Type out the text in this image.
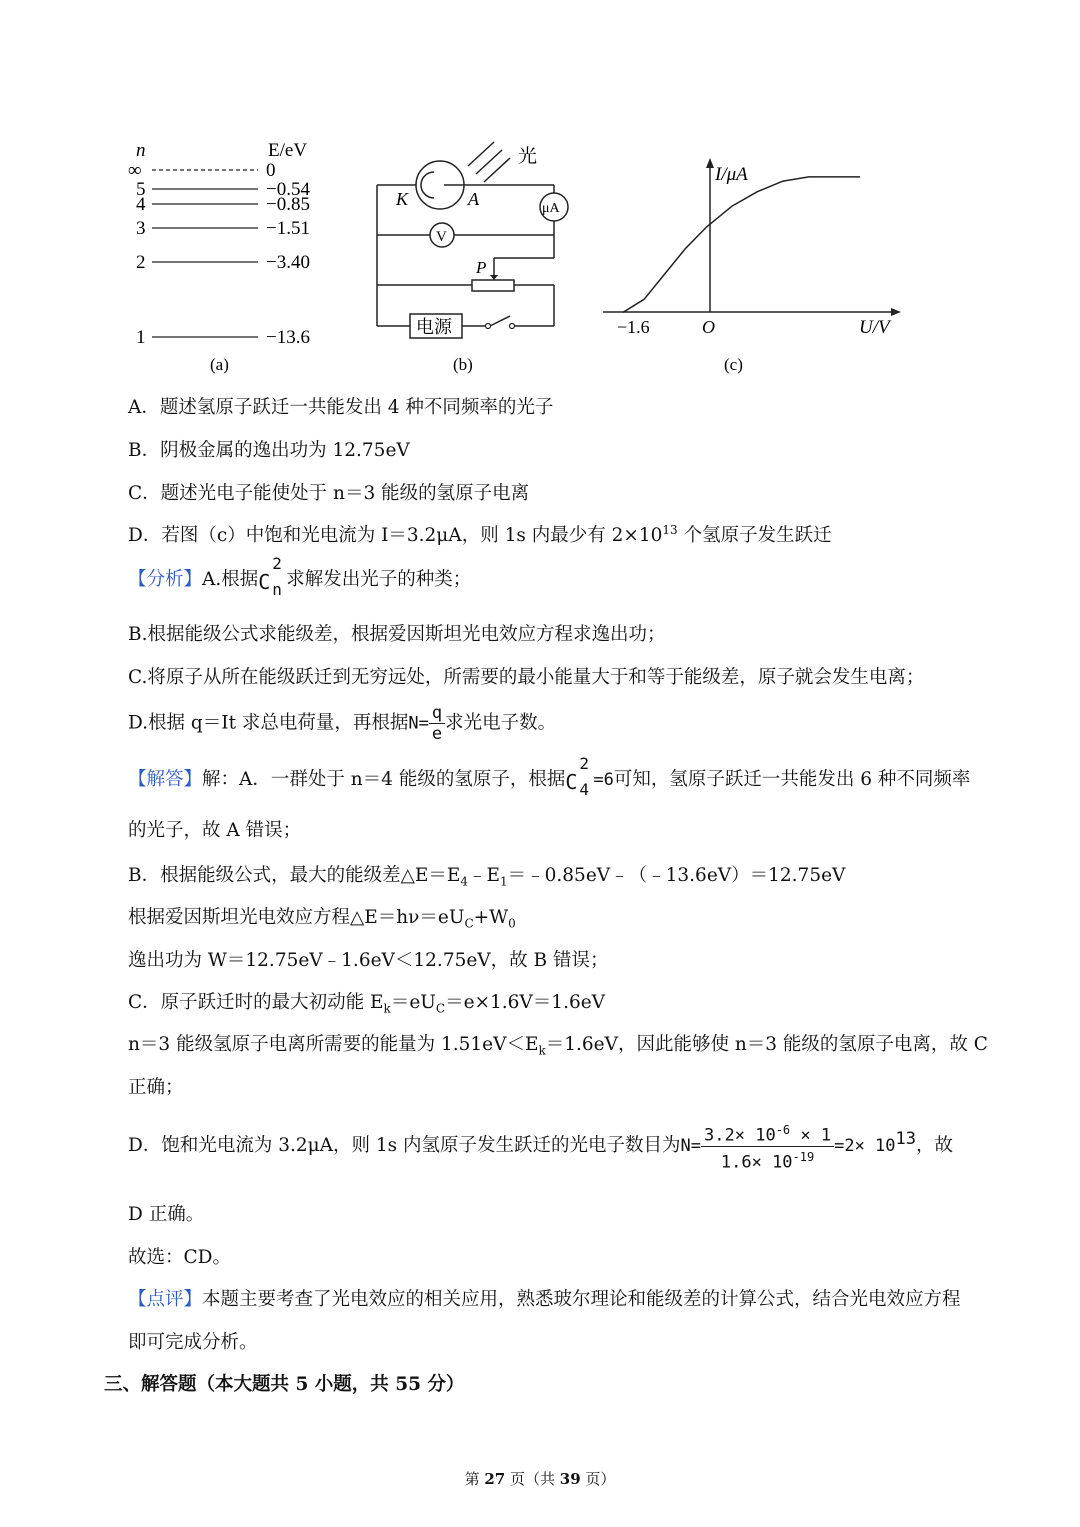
n	E/eV
∞	0
5	−0.54
4	−0.85
3	−1.51
2	−3.40
1	−13.6
(a)
光
K	A	μA
V
P
电源
(b)
I/μA
U/V
O
−1.6
(c)
A．题述氢原子跃迁一共能发出 4 种不同频率的光子
B．阴极金属的逸出功为 12.75eV
C．题述光电子能使处于 n＝3 能级的氢原子电离
D．若图（c）中饱和光电流为 I＝3.2μA，则 1s 内最少有 $2\times 10^{13}$ 个氢原子发生跃迁
【分析】A.根据 C
2
n 求解发出光子的种类；
B.根据能级公式求能级差，根据爱因斯坦光电效应方程求逸出功；
C.将原子从所在能级跃迁到无穷远处，所需要的最小能量大于和等于能级差，原子就会发生电离；
D.根据 q＝It 求总电荷量，再根据$N= \frac{q}{e}$ 求光电子数。
【解答】解：A．一群处于 n＝4 能级的氢原子，根据 C
2
4 =6可知，氢原子跃迁一共能发出 6 种不同频率
的光子，故 A 错误；
B．根据能级公式，最大的能级差$\triangle E=E_4﹣E_1=﹣0.85eV﹣(﹣13.6eV)=12.75eV$
根据爱因斯坦光电效应方程$\triangle E=h\nu=eU_C+W_0$
逸出功为 W＝12.75eV﹣1.6eV＜12.75eV，故 B 错误；
C．原子跃迁时的最大初动能 $E_k=eU_C=e\times 1.6V=1.6eV$
n＝3 能级氢原子电离所需要的能量为 $1.51eV<E_k=1.6eV$，因此能够使 n＝3 能级的氢原子电离，故 C
正确；
D．饱和光电流为 3.2μA，则 1s 内氢原子发生跃迁的光电子数目为$N= \frac{3.2\times 10^{-6} \times 1}{1.6\times 10^{-19}} =2\times 10^{13}$，故
D 正确。
故选：CD。
【点评】本题主要考查了光电效应的相关应用，熟悉玻尔理论和能级差的计算公式，结合光电效应方程
即可完成分析。
三、解答题（本大题共 5 小题，共 55 分）
第 27 页（共 39 页）
